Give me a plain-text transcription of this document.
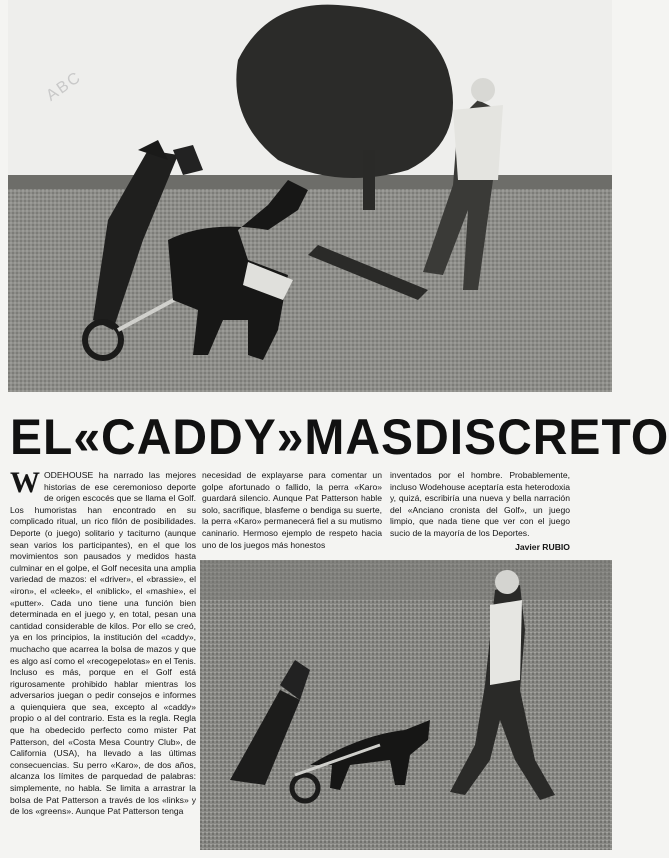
ABC
EL «CADDY» MAS DISCRETO
W ODEHOUSE ha narrado las mejores historias de ese ceremonioso deporte de origen escocés que se llama el Golf. Los humoristas han encontrado en su complicado ritual, un rico filón de posibilidades. Deporte (o juego) solitario y taciturno (aunque sean varios los participantes), en el que los movimientos son pausados y medidos hasta culminar en el golpe, el Golf necesita una amplia variedad de mazos: el «driver», el «brassie», el «iron», el «cleek», el «niblick», el «mashie», el «putter». Cada uno tiene una función bien determinada en el juego y, en total, pesan una cantidad considerable de kilos. Por ello se creó, ya en los principios, la institución del «caddy», muchacho que acarrea la bolsa de mazos y que es algo así como el «recogepelotas» en el Tenis. Incluso es más, porque en el Golf está rigurosamente prohibido hablar mientras los adversarios juegan o pedir consejos e informes a quienquiera que sea, excepto al «caddy» propio o al del contrario. Esta es la regla. Regla que ha obedecido perfecto como mister Pat Patterson, del «Costa Mesa Country Club», de California (USA), ha llevado a las últimas consecuencias. Su perro «Karo», de dos años, alcanza los límites de parquedad de palabras: simplemente, no habla. Se limita a arrastrar la bolsa de Pat Patterson a través de los «links» y de los «greens». Aunque Pat Patterson tenga
necesidad de explayarse para comentar un golpe afortunado o fallido, la perra «Karo» guardará silencio. Aunque Pat Patterson hable solo, sacrifique, blasfeme o bendiga su suerte, la perra «Karo» permanecerá fiel a su mutismo caninario. Hermoso ejemplo de respeto hacia uno de los juegos más honestos
inventados por el hombre. Probablemente, incluso Wodehouse aceptaría esta heterodoxia y, quizá, escribiría una nueva y bella narración del «Anciano cronista del Golf», un juego limpio, que nada tiene que ver con el juego sucio de la mayoría de los Deportes.
Javier RUBIO
